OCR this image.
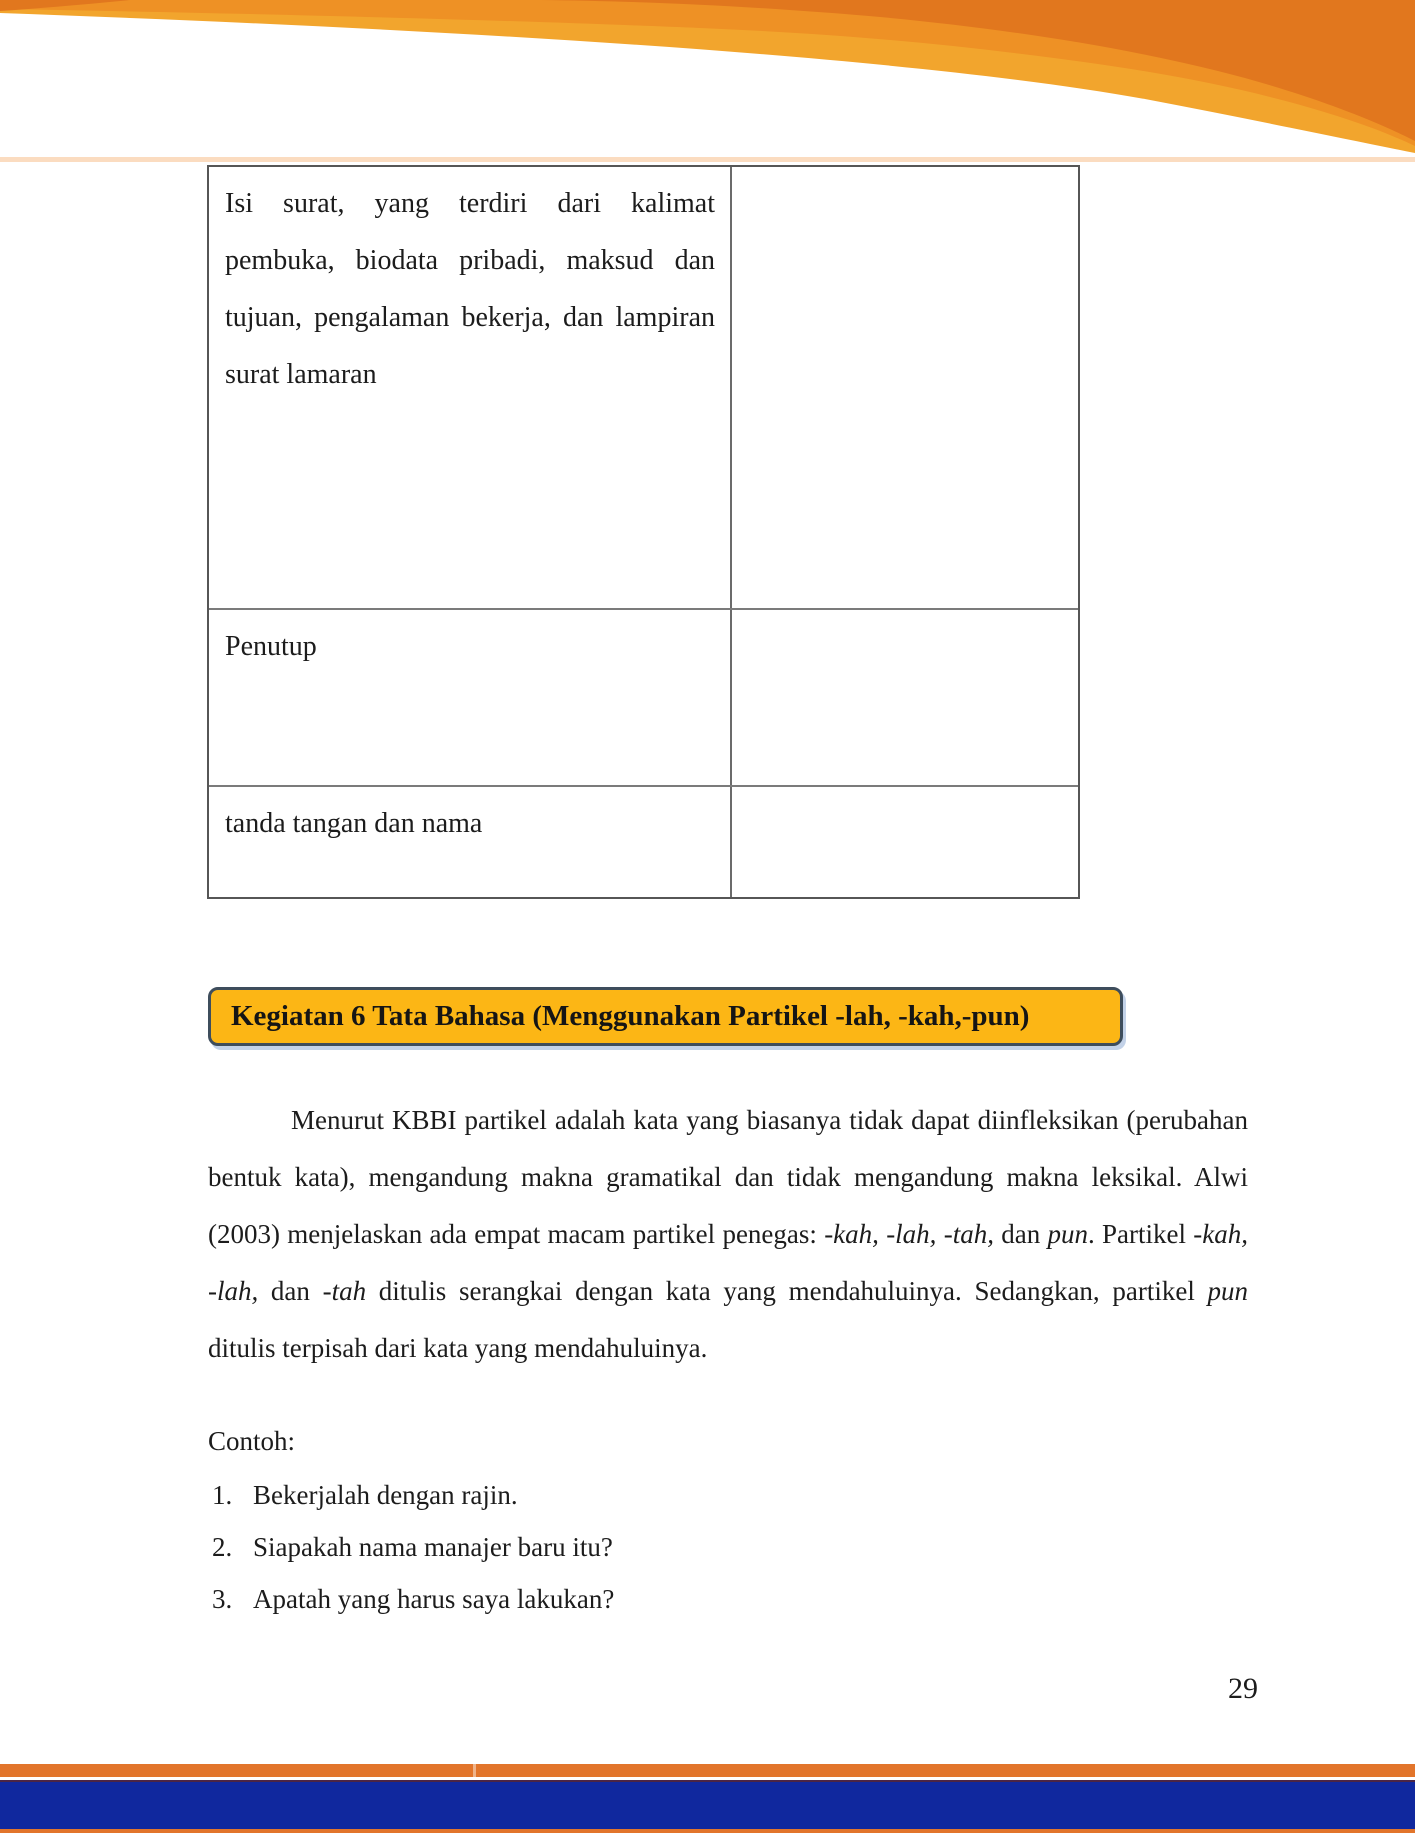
Isi surat, yang terdiri dari kalimat pembuka, biodata pribadi, maksud dan tujuan, pengalaman bekerja, dan lampiran surat lamaran
Penutup
tanda tangan dan nama
Kegiatan 6 Tata Bahasa (Menggunakan Partikel -lah, -kah,-pun)

Menurut KBBI partikel adalah kata yang biasanya tidak dapat diinfleksikan (perubahan bentuk kata), mengandung makna gramatikal dan tidak mengandung makna leksikal. Alwi (2003) menjelaskan ada empat macam partikel penegas: -kah, -lah, -tah, dan pun. Partikel -kah, -lah, dan -tah ditulis serangkai dengan kata yang mendahuluinya. Sedangkan, partikel pun ditulis terpisah dari kata yang mendahuluinya.

Contoh:
1. Bekerjalah dengan rajin.
2. Siapakah nama manajer baru itu?
3. Apatah yang harus saya lakukan?
29
